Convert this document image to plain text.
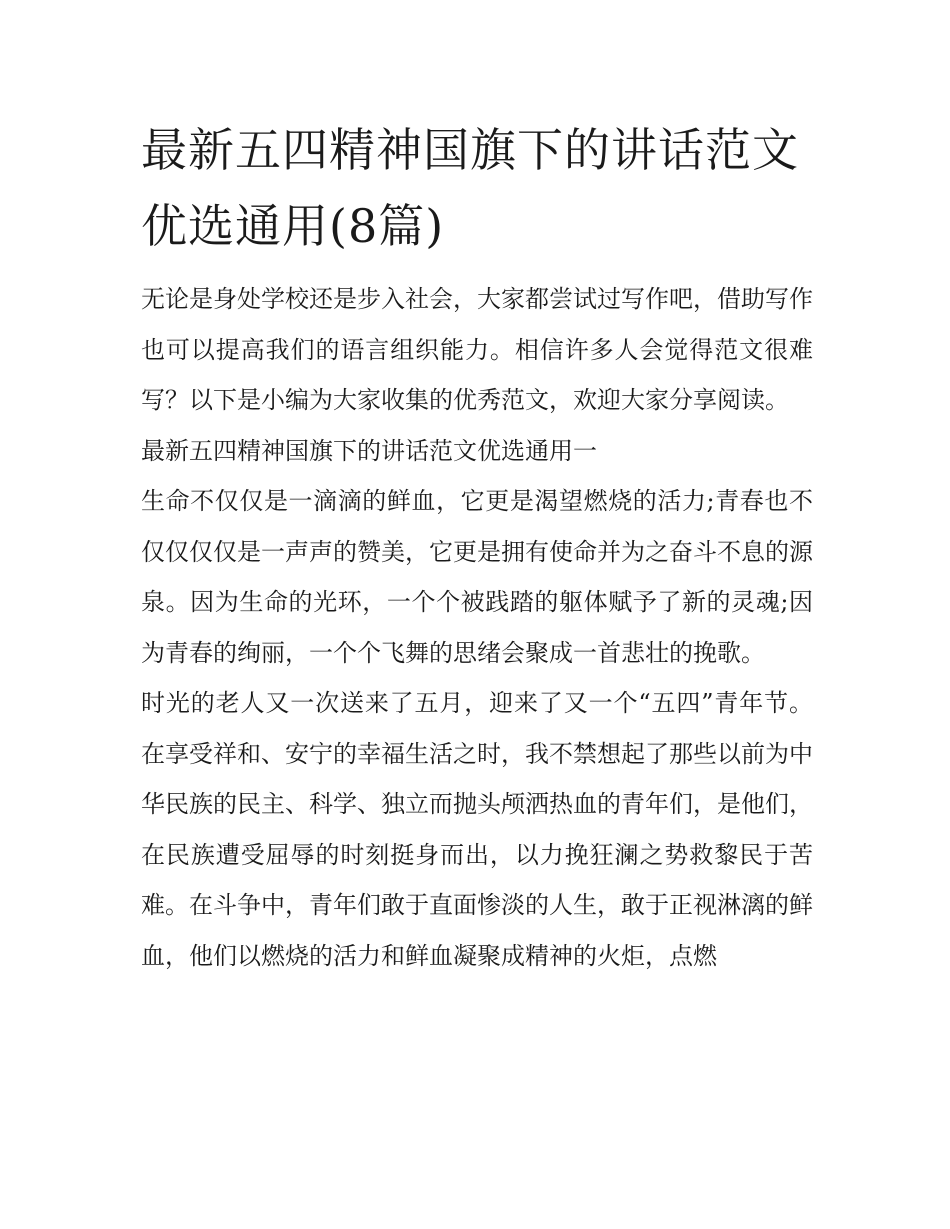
最新五四精神国旗下的讲话范文优选通用(8篇)

无论是身处学校还是步入社会，大家都尝试过写作吧，借助写作也可以提高我们的语言组织能力。相信许多人会觉得范文很难写？以下是小编为大家收集的优秀范文，欢迎大家分享阅读。

最新五四精神国旗下的讲话范文优选通用一

生命不仅仅是一滴滴的鲜血，它更是渴望燃烧的活力;青春也不仅仅仅仅是一声声的赞美，它更是拥有使命并为之奋斗不息的源泉。因为生命的光环，一个个被践踏的躯体赋予了新的灵魂;因为青春的绚丽，一个个飞舞的思绪会聚成一首悲壮的挽歌。

时光的老人又一次送来了五月，迎来了又一个“五四”青年节。在享受祥和、安宁的幸福生活之时，我不禁想起了那些以前为中华民族的民主、科学、独立而抛头颅洒热血的青年们，是他们，在民族遭受屈辱的时刻挺身而出，以力挽狂澜之势救黎民于苦难。在斗争中，青年们敢于直面惨淡的人生，敢于正视淋漓的鲜血，他们以燃烧的活力和鲜血凝聚成精神的火炬，点燃
